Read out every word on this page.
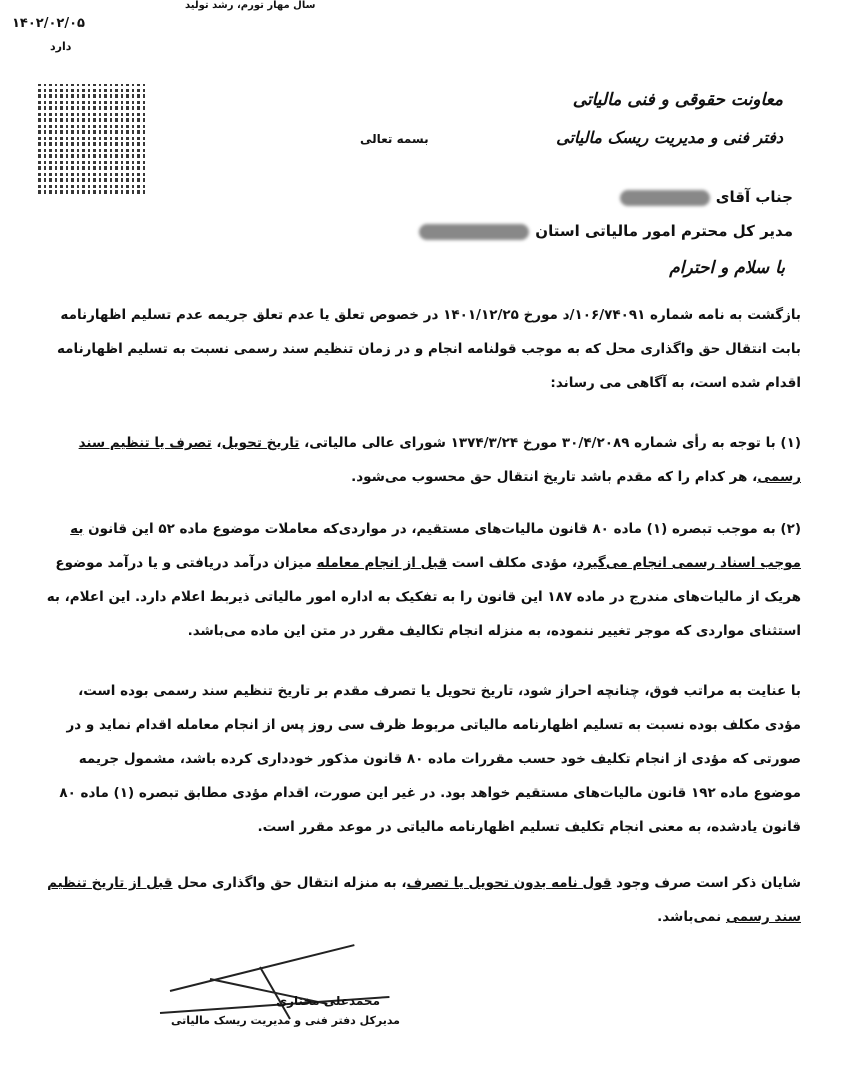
سال مهار تورم، رشد تولید
۱۴۰۲/۰۲/۰۵
دارد
معاونت حقوقی و فنی مالیاتی
دفتر فنی و مدیریت ریسک مالیاتی
بسمه تعالی
جناب آقای
مدیر کل محترم امور مالیاتی استان
با سلام و احترام
بازگشت به نامه شماره ۱۰۶/۷۴۰۹۱/د مورخ ۱۴۰۱/۱۲/۲۵ در خصوص تعلق یا عدم تعلق جریمه عدم تسلیم اظهارنامه بابت انتقال حق واگذاری محل که به موجب قولنامه انجام و در زمان تنظیم سند رسمی نسبت به تسلیم اظهارنامه اقدام شده است، به آگاهی می رساند:
(۱) با توجه به رأی شماره ۳۰/۴/۲۰۸۹ مورخ ۱۳۷۴/۳/۲۴ شورای عالی مالیاتی، تاریخ تحویل، تصرف یا تنظیم سند رسمی، هر کدام را که مقدم باشد تاریخ انتقال حق محسوب می‌شود.
(۲) به موجب تبصره (۱) ماده ۸۰ قانون مالیات‌های مستقیم، در مواردی‌که معاملات موضوع ماده ۵۲ این قانون به موجب اسناد رسمی انجام می‌گیرد، مؤدی مکلف است قبل از انجام معامله میزان درآمد دریافتی و یا درآمد موضوع هریک از مالیات‌های مندرج در ماده ۱۸۷ این قانون را به تفکیک به اداره امور مالیاتی ذیربط اعلام دارد. این اعلام، به استثنای مواردی که موجر تغییر ننموده، به منزله انجام تکالیف مقرر در متن این ماده می‌باشد.
با عنایت به مراتب فوق، چنانچه احراز شود، تاریخ تحویل یا تصرف مقدم بر تاریخ تنظیم سند رسمی بوده است، مؤدی مکلف بوده نسبت به تسلیم اظهارنامه مالیاتی مربوط ظرف سی روز پس از انجام معامله اقدام نماید و در صورتی که مؤدی از انجام تکلیف خود حسب مقررات ماده ۸۰ قانون مذکور خودداری کرده باشد، مشمول جریمه موضوع ماده ۱۹۲ قانون مالیات‌های مستقیم خواهد بود. در غیر این صورت، اقدام مؤدی مطابق تبصره (۱) ماده ۸۰ قانون یادشده، به معنی انجام تکلیف تسلیم اظهارنامه مالیاتی در موعد مقرر است.
شایان ذکر است صرف وجود قول نامه بدون تحویل یا تصرف، به منزله انتقال حق واگذاری محل قبل از تاریخ تنظیم سند رسمی نمی‌باشد.
محمدعلی مختاری
مدیرکل دفتر فنی و مدیریت ریسک مالیاتی
